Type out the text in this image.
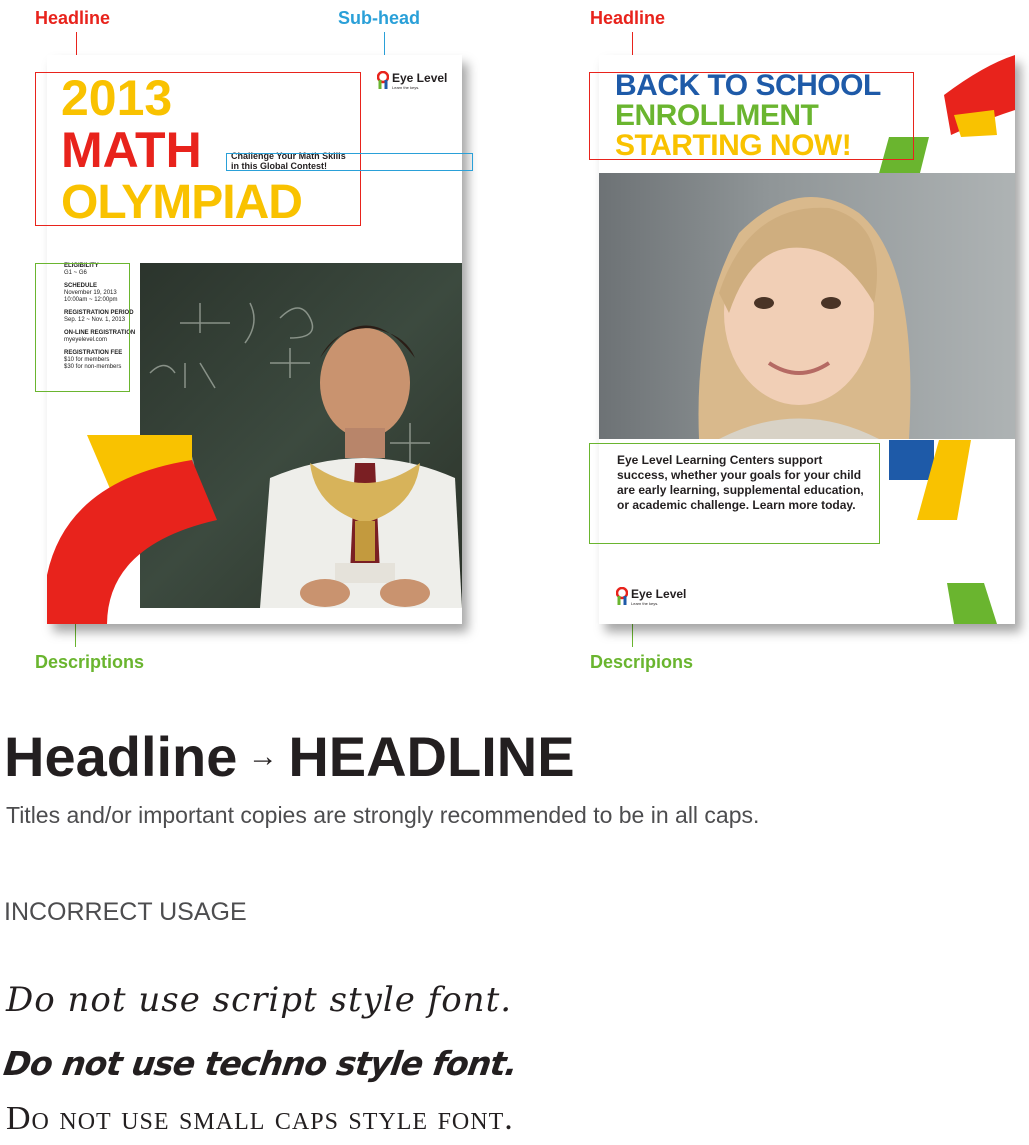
Headline	Sub-head	Headline
Descriptions	Descripions
Eye Level
Learn the keys.
2013
MATH
OLYMPIAD
Challenge Your Math Skills
in this Global Contest!
ELIGIBILITY
G1 ~ G6
SCHEDULE
November 19, 2013
10:00am ~ 12:00pm
REGISTRATION PERIOD
Sep. 12 ~ Nov. 1, 2013
ON-LINE REGISTRATION
myeyelevel.com
REGISTRATION FEE
$10 for members
$30 for non-members
BACK TO SCHOOL
ENROLLMENT
STARTING NOW!
Eye Level Learning Centers support success, whether your goals for your child are early learning, supplemental education, or academic challenge. Learn more today.
Eye Level
Learn the keys.
Headline → HEADLINE
Titles and/or important copies are strongly recommended to be in all caps.
INCORRECT USAGE
Do not use script style font.
Do not use techno style font.
Do not use small caps style font.
